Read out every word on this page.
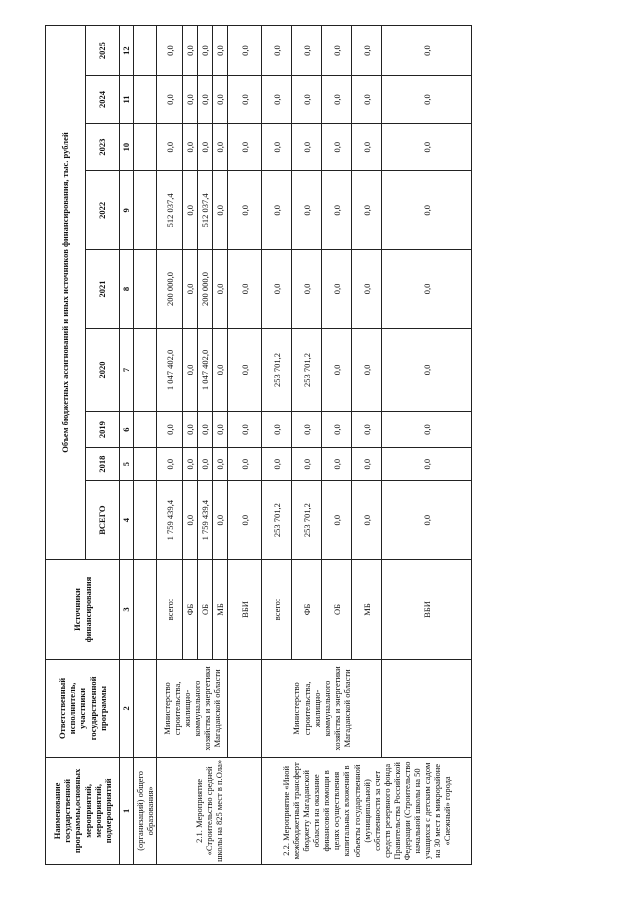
Наименование государственной программы,основных мероприятий, мероприятий, подмероприятий	Ответственный исполнитель, участники государственной программы	Источники финансирования	Объем бюджетных ассигнований и иных источников финансирования, тыс. рублей								
			ВСЕГО	2018	2019	2020	2021	2022	2023	2024	2025
1	2	3	4	5	6	7	8	9	10	11	12
(организаций) общего образования»											
2.1. Мероприятие «Строительство средней школы на 825 мест в п.Ола»	Министерство строительства, жилищно-коммунального хозяйства и энергетики Магаданской области	всего:	1 759 439,4	0,0	0,0	1 047 402,0	200 000,0	512 037,4	0,0	0,0	0,0
		ФБ	0,0	0,0	0,0	0,0	0,0	0,0	0,0	0,0	0,0
		ОБ	1 759 439,4	0,0	0,0	1 047 402,0	200 000,0	512 037,4	0,0	0,0	0,0
		МБ	0,0	0,0	0,0	0,0	0,0	0,0	0,0	0,0	0,0
		ВБИ	0,0	0,0	0,0	0,0	0,0	0,0	0,0	0,0	0,0
2.2. Мероприятие «Иной межбюджетный трансферт бюджету Магаданской области на оказание финансовой помощи в целях осуществления капитальных вложений в объекты государственной (муниципальной) собственности за счет средств резервного фонда Правительства Российской Федерации (Строительство начальной школы на 50 учащихся с детским садом на 30 мест в микрорайоне «Снежный» города	Министерство строительства, жилищно-коммунального хозяйства и энергетики Магаданской области	всего:	253 701,2	0,0	0,0	253 701,2	0,0	0,0	0,0	0,0	0,0
		ФБ	253 701,2	0,0	0,0	253 701,2	0,0	0,0	0,0	0,0	0,0
		ОБ	0,0	0,0	0,0	0,0	0,0	0,0	0,0	0,0	0,0
		МБ	0,0	0,0	0,0	0,0	0,0	0,0	0,0	0,0	0,0
		ВБИ	0,0	0,0	0,0	0,0	0,0	0,0	0,0	0,0	0,0
